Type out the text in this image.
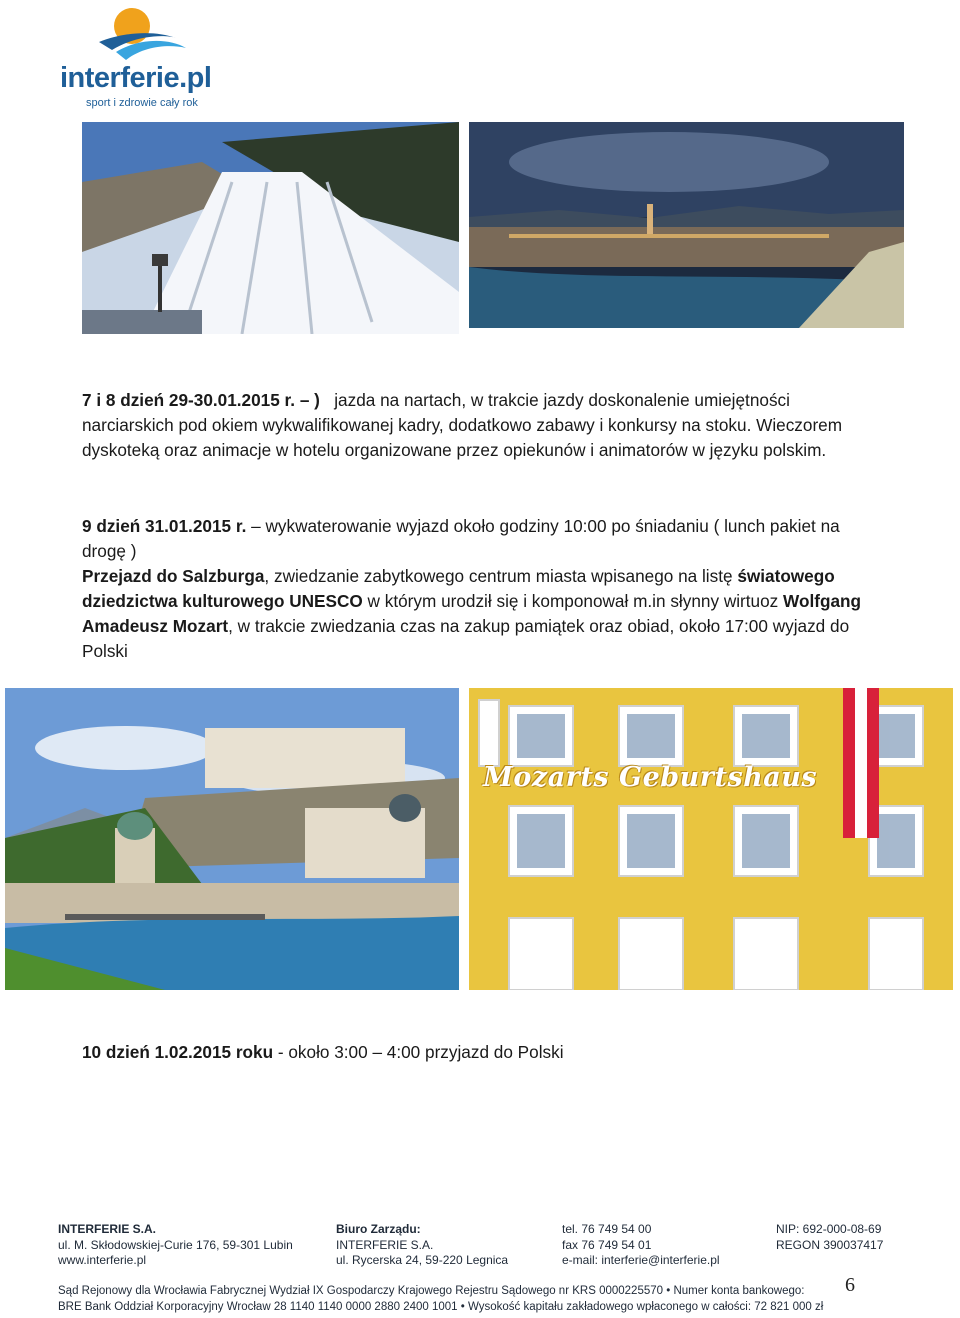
interferie.pl
sport i zdrowie cały rok

7 i 8 dzień 29-30.01.2015 r. – ) jazda na nartach, w trakcie jazdy doskonalenie umiejętności narciarskich pod okiem wykwalifikowanej kadry, dodatkowo zabawy i konkursy na stoku. Wieczorem dyskoteką oraz animacje w hotelu organizowane przez opiekunów i animatorów w języku polskim.

9 dzień 31.01.2015 r. – wykwaterowanie wyjazd około godziny 10:00 po śniadaniu ( lunch pakiet na drogę )
Przejazd do Salzburga, zwiedzanie zabytkowego centrum miasta wpisanego na listę światowego dziedzictwa kulturowego UNESCO w którym urodził się i komponował m.in słynny wirtuoz Wolfgang Amadeusz Mozart, w trakcie zwiedzania czas na zakup pamiątek oraz obiad, około 17:00 wyjazd do Polski

Mozarts Geburtshaus

10 dzień 1.02.2015 roku - około 3:00 – 4:00 przyjazd do Polski

INTERFERIE S.A.
ul. M. Skłodowskiej-Curie 176, 59-301 Lubin
www.interferie.pl
Biuro Zarządu:
INTERFERIE S.A.
ul. Rycerska 24, 59-220 Legnica
tel. 76 749 54 00
fax 76 749 54 01
e-mail: interferie@interferie.pl
NIP: 692-000-08-69
REGON 390037417
Sąd Rejonowy dla Wrocławia Fabrycznej Wydział IX Gospodarczy Krajowego Rejestru Sądowego nr KRS 0000225570 • Numer konta bankowego:
BRE Bank Oddział Korporacyjny Wrocław 28 1140 1140 0000 2880 2400 1001 • Wysokość kapitału zakładowego wpłaconego w całości: 72 821 000 zł
6
